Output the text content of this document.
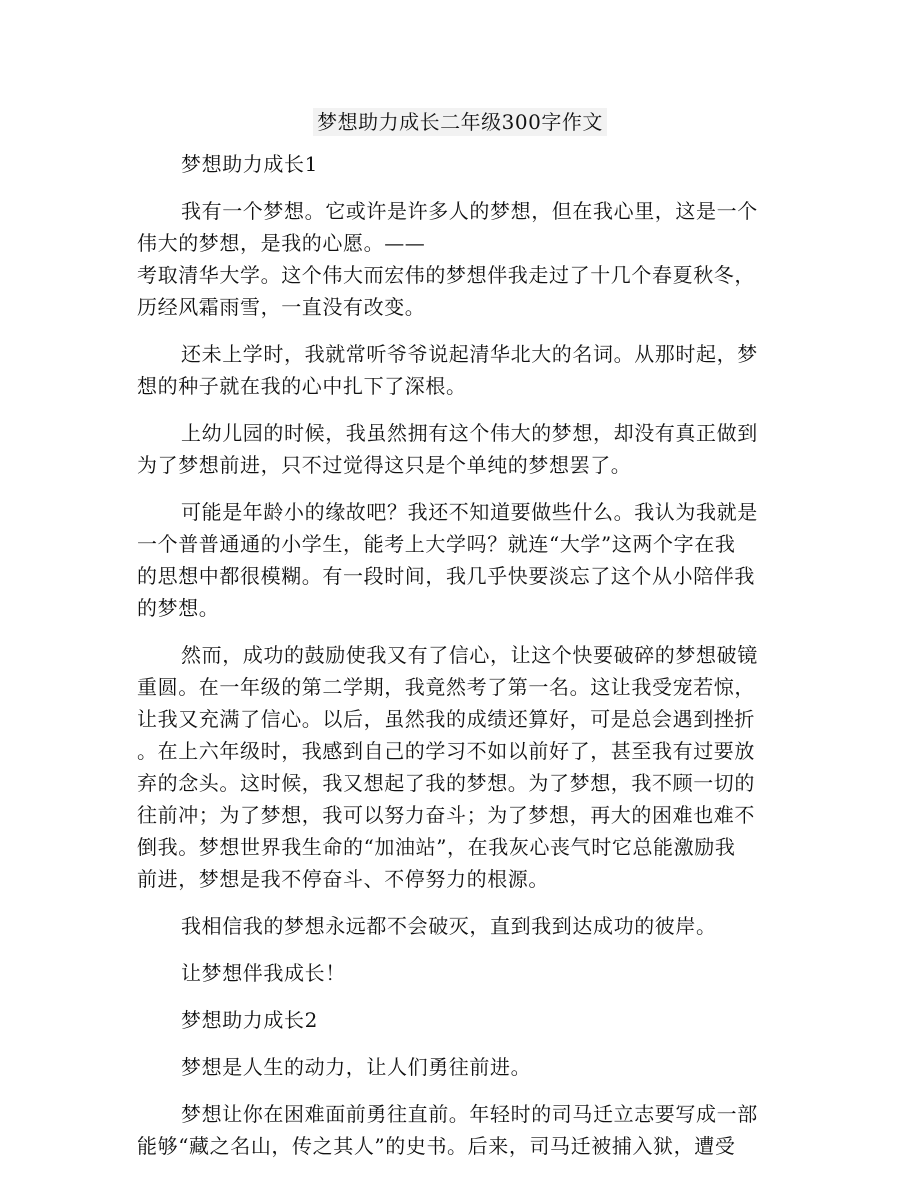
梦想助力成长二年级300字作文

梦想助力成长1

我有一个梦想。它或许是许多人的梦想，但在我心里，这是一个
伟大的梦想，是我的心愿。——
考取清华大学。这个伟大而宏伟的梦想伴我走过了十几个春夏秋冬，
历经风霜雨雪，一直没有改变。

还未上学时，我就常听爷爷说起清华北大的名词。从那时起，梦
想的种子就在我的心中扎下了深根。

上幼儿园的时候，我虽然拥有这个伟大的梦想，却没有真正做到
为了梦想前进，只不过觉得这只是个单纯的梦想罢了。

可能是年龄小的缘故吧？我还不知道要做些什么。我认为我就是
一个普普通通的小学生，能考上大学吗？就连“大学”这两个字在我
的思想中都很模糊。有一段时间，我几乎快要淡忘了这个从小陪伴我
的梦想。

然而，成功的鼓励使我又有了信心，让这个快要破碎的梦想破镜
重圆。在一年级的第二学期，我竟然考了第一名。这让我受宠若惊，
让我又充满了信心。以后，虽然我的成绩还算好，可是总会遇到挫折
。在上六年级时，我感到自己的学习不如以前好了，甚至我有过要放
弃的念头。这时候，我又想起了我的梦想。为了梦想，我不顾一切的
往前冲；为了梦想，我可以努力奋斗；为了梦想，再大的困难也难不
倒我。梦想世界我生命的“加油站”，在我灰心丧气时它总能激励我
前进，梦想是我不停奋斗、不停努力的根源。

我相信我的梦想永远都不会破灭，直到我到达成功的彼岸。

让梦想伴我成长！

梦想助力成长2

梦想是人生的动力，让人们勇往前进。

梦想让你在困难面前勇往直前。年轻时的司马迁立志要写成一部
能够“藏之名山，传之其人”的史书。后来，司马迁被捕入狱，遭受
